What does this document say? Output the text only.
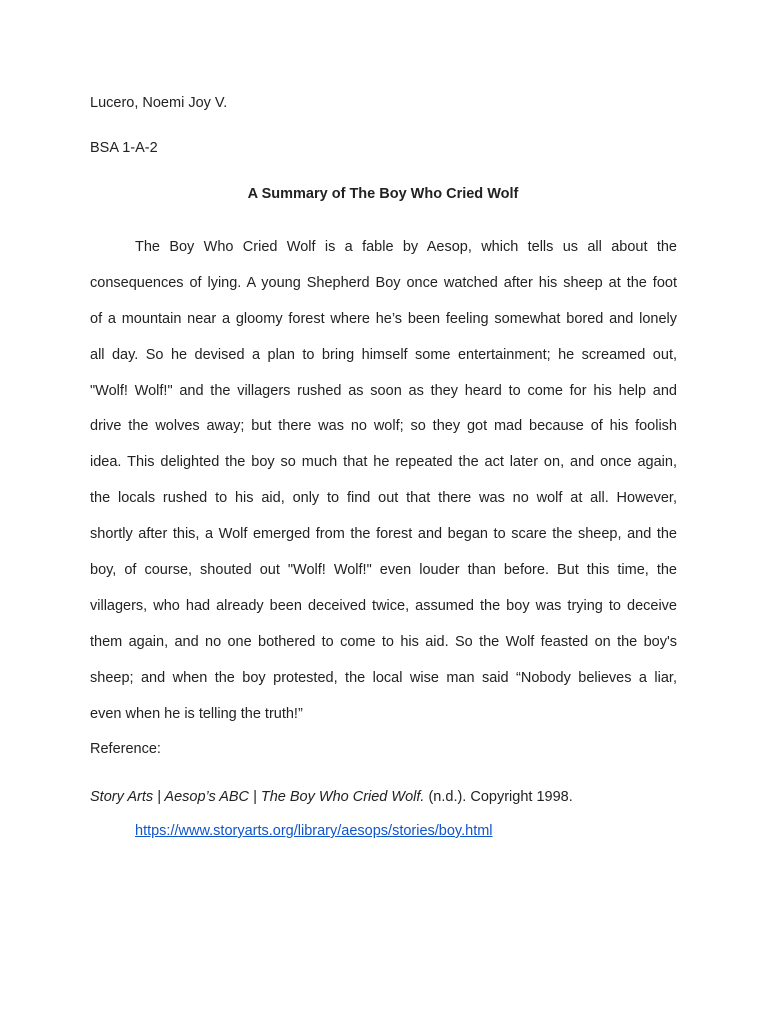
Lucero, Noemi Joy V.
BSA 1-A-2
A Summary of The Boy Who Cried Wolf
The Boy Who Cried Wolf is a fable by Aesop, which tells us all about the
consequences of lying. A young Shepherd Boy once watched after his sheep at the foot
of a mountain near a gloomy forest where he’s been feeling somewhat bored and lonely
all day. So he devised a plan to bring himself some entertainment; he screamed out,
"Wolf! Wolf!" and the villagers rushed as soon as they heard to come for his help and
drive the wolves away; but there was no wolf; so they got mad because of his foolish
idea. This delighted the boy so much that he repeated the act later on, and once again,
the locals rushed to his aid, only to find out that there was no wolf at all. However,
shortly after this, a Wolf emerged from the forest and began to scare the sheep, and the
boy, of course, shouted out "Wolf! Wolf!" even louder than before. But this time, the
villagers, who had already been deceived twice, assumed the boy was trying to deceive
them again, and no one bothered to come to his aid. So the Wolf feasted on the boy's
sheep; and when the boy protested, the local wise man said “Nobody believes a liar,
even when he is telling the truth!”
Reference:
Story Arts | Aesop’s ABC | The Boy Who Cried Wolf. (n.d.). Copyright 1998.
https://www.storyarts.org/library/aesops/stories/boy.html
